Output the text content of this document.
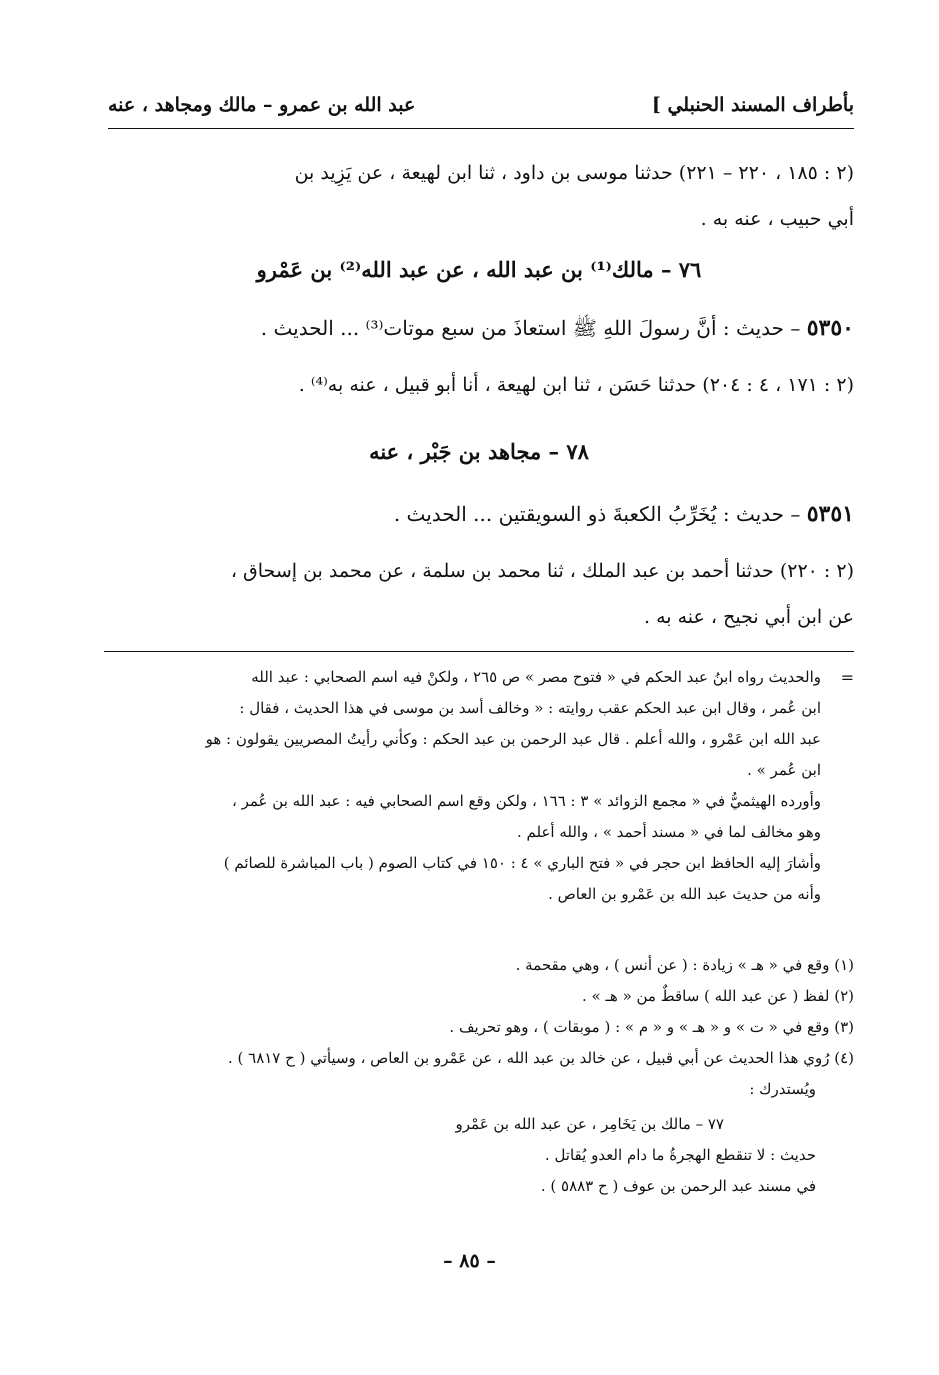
بأطراف المسند الحنبلي ]
عبد الله بن عمرو – مالك ومجاهد ، عنه

(٢ : ١٨٥ ، ٢٢٠ – ٢٢١) حدثنا موسى بن داود ، ثنا ابن لهيعة ، عن يَزِيد بن

أبي حبيب ، عنه به .

٧٦ – مالك⁽¹⁾ بن عبد الله ، عن عبد الله⁽²⁾ بن عَمْرو
٥٣٥٠ – حديث : أنَّ رسولَ اللهِ ﷺ استعاذَ من سبع موتات⁽³⁾ ... الحديث .

(٢ : ١٧١ ، ٤ : ٢٠٤) حدثنا حَسَن ، ثنا ابن لهيعة ، أنا أبو قبيل ، عنه به⁽⁴⁾ .

٧٨ – مجاهد بن جَبْر ، عنه
٥٣٥١ – حديث : يُخَرِّبُ الكعبةَ ذو السويقتين ... الحديث .

(٢ : ٢٢٠) حدثنا أحمد بن عبد الملك ، ثنا محمد بن سلمة ، عن محمد بن إسحاق ،

عن ابن أبي نجيح ، عنه به .

=

والحديث رواه ابنُ عبد الحكم في « فتوح مصر » ص ٢٦٥ ، ولكنْ فيه اسم الصحابي : عبد الله

ابن عُمر ، وقال ابن عبد الحكم عقب روايته : « وخالف أسد بن موسى في هذا الحديث ، فقال :

عبد الله ابن عَمْرو ، والله أعلم . قال عبد الرحمن بن عبد الحكم : وكأني رأيتُ المصريين يقولون : هو

ابن عُمر » .

وأورده الهيثميُّ في « مجمع الزوائد » ٣ : ١٦٦ ، ولكن وقع اسم الصحابي فيه : عبد الله بن عُمر ،

وهو مخالف لما في « مسند أحمد » ، والله أعلم .

وأشارَ إليه الحافظ ابن حجر في « فتح الباري » ٤ : ١٥٠ في كتاب الصوم ( باب المباشرة للصائم )

وأنه من حديث عبد الله بن عَمْرو بن العاص .

(١) وقع في « هـ » زيادة : ( عن أنس ) ، وهي مقحمة .

(٢) لفظ ( عن عبد الله ) ساقطٌ من « هـ » .

(٣) وقع في « ت » و « هـ » و « م » : ( موبقات ) ، وهو تحريف .

(٤) رُوي هذا الحديث عن أبي قبيل ، عن خالد بن عبد الله ، عن عَمْرو بن العاص ، وسيأتي ( ح ٦٨١٧ ) .

ويُستدرك :

٧٧ – مالك بن يَخَامِر ، عن عبد الله بن عَمْرو

حديث : لا تنقطع الهجرةُ ما دام العدو يُقاتل .

في مسند عبد الرحمن بن عوف ( ح ٥٨٨٣ ) .

– ٨٥ –
